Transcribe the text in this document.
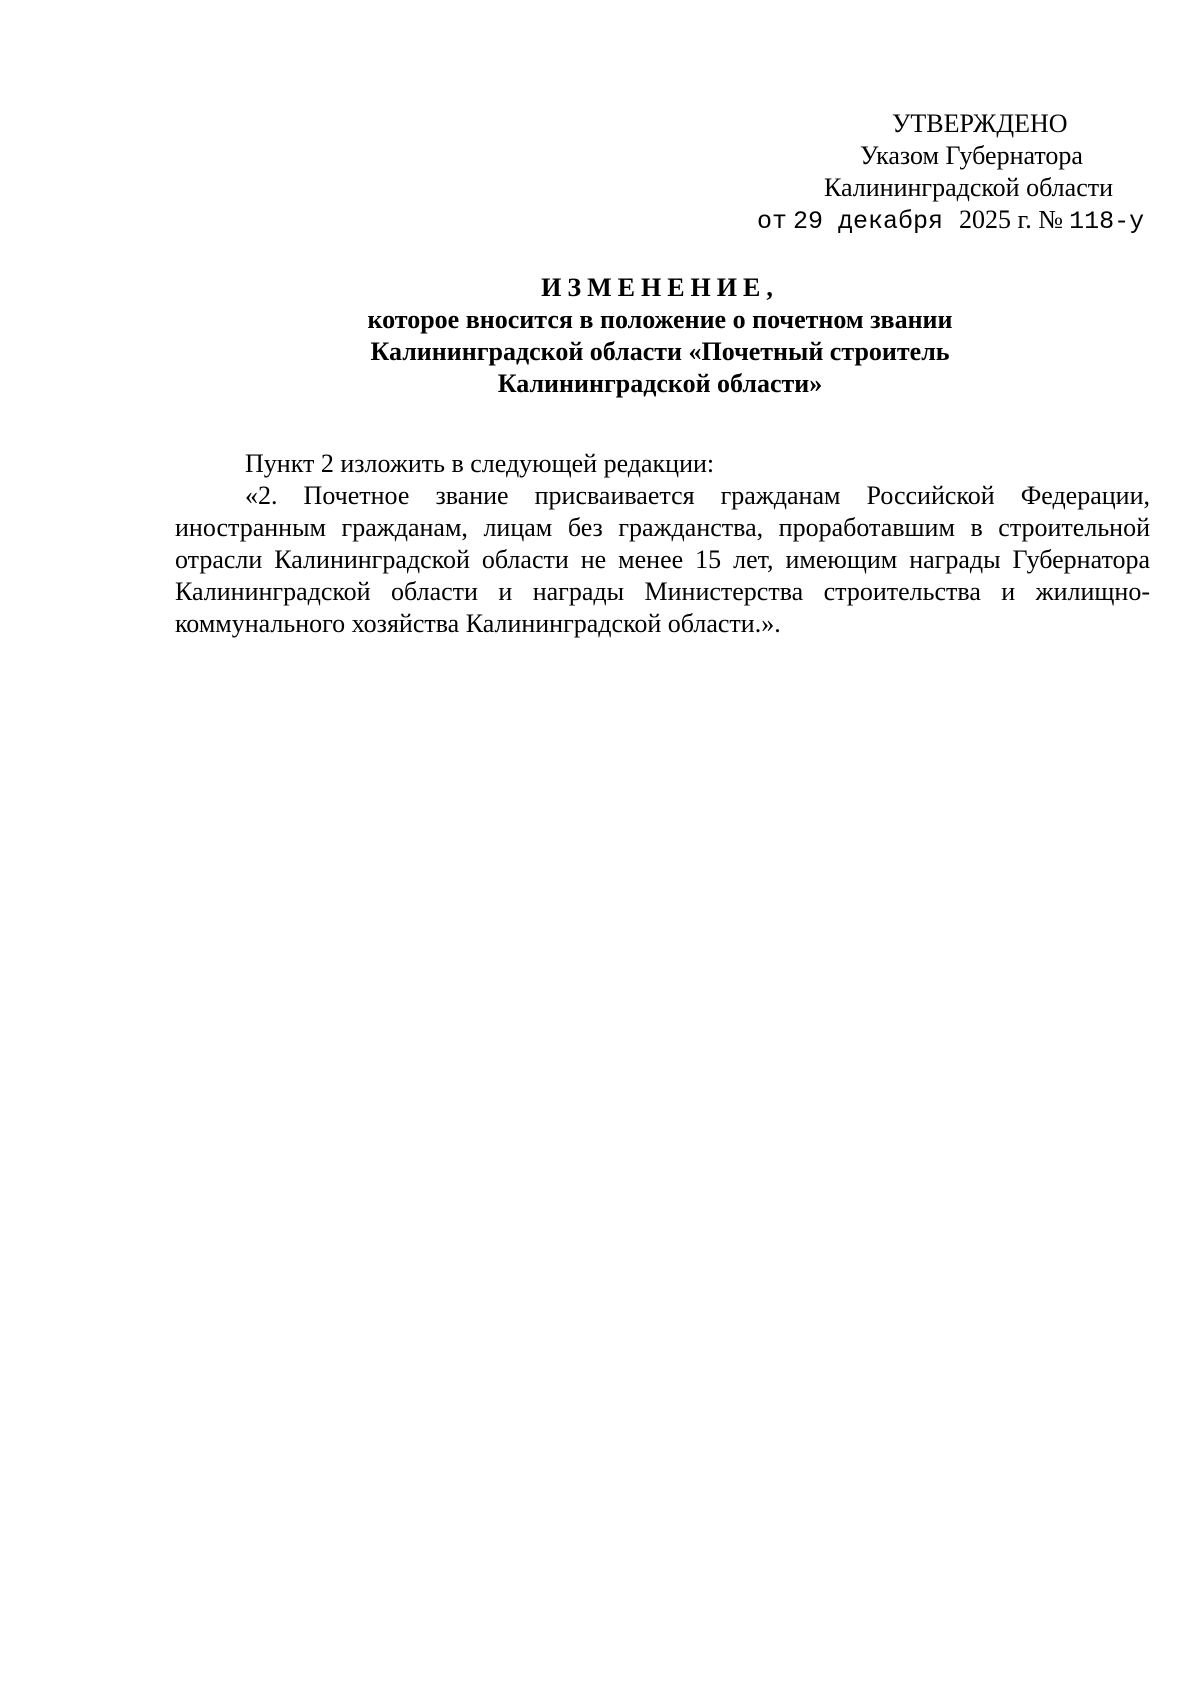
УТВЕРЖДЕНО
Указом Губернатора
Калининградской области
от 29 декабря 2025 г. № 118-у
ИЗМЕНЕНИЕ,
которое вносится в положение о почетном звании
Калининградской области «Почетный строитель
Калининградской области»

Пункт 2 изложить в следующей редакции:

«2. Почетное звание присваивается гражданам Российской Федерации, иностранным гражданам, лицам без гражданства, проработавшим в строительной отрасли Калининградской области не менее 15 лет, имеющим награды Губернатора Калининградской области и награды Министерства строительства и жилищно-коммунального хозяйства Калининградской области.».
